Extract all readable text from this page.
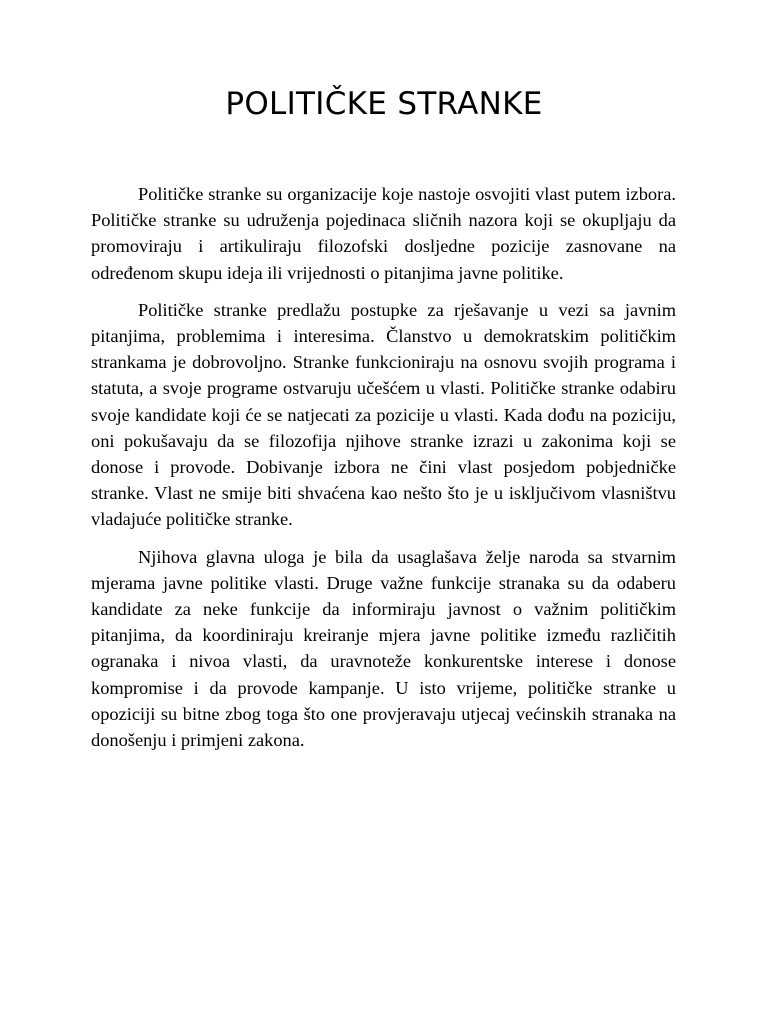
POLITIČKE STRANKE

Političke stranke su organizacije koje nastoje osvojiti vlast putem izbora. Političke stranke su udruženja pojedinaca sličnih nazora koji se okupljaju da promoviraju i artikuliraju filozofski dosljedne pozicije zasnovane na određenom skupu ideja ili vrijednosti o pitanjima javne politike.

Političke stranke predlažu postupke za rješavanje u vezi sa javnim pitanjima, problemima i interesima. Članstvo u demokratskim političkim strankama je dobrovoljno. Stranke funkcioniraju na osnovu svojih programa i statuta, a svoje programe ostvaruju učešćem u vlasti. Političke stranke odabiru svoje kandidate koji će se natjecati za pozicije u vlasti. Kada dođu na poziciju, oni pokušavaju da se filozofija njihove stranke izrazi u zakonima koji se donose i provode. Dobivanje izbora ne čini vlast posjedom pobjedničke stranke. Vlast ne smije biti shvaćena kao nešto što je u isključivom vlasništvu vladajuće političke stranke.

Njihova glavna uloga je bila da usaglašava želje naroda sa stvarnim mjerama javne politike vlasti. Druge važne funkcije stranaka su da odaberu kandidate za neke funkcije da informiraju javnost o važnim političkim pitanjima, da koordiniraju kreiranje mjera javne politike između različitih ogranaka i nivoa vlasti, da uravnoteže konkurentske interese i donose kompromise i da provode kampanje. U isto vrijeme, političke stranke u opoziciji su bitne zbog toga što one provjeravaju utjecaj većinskih stranaka na donošenju i primjeni zakona.
